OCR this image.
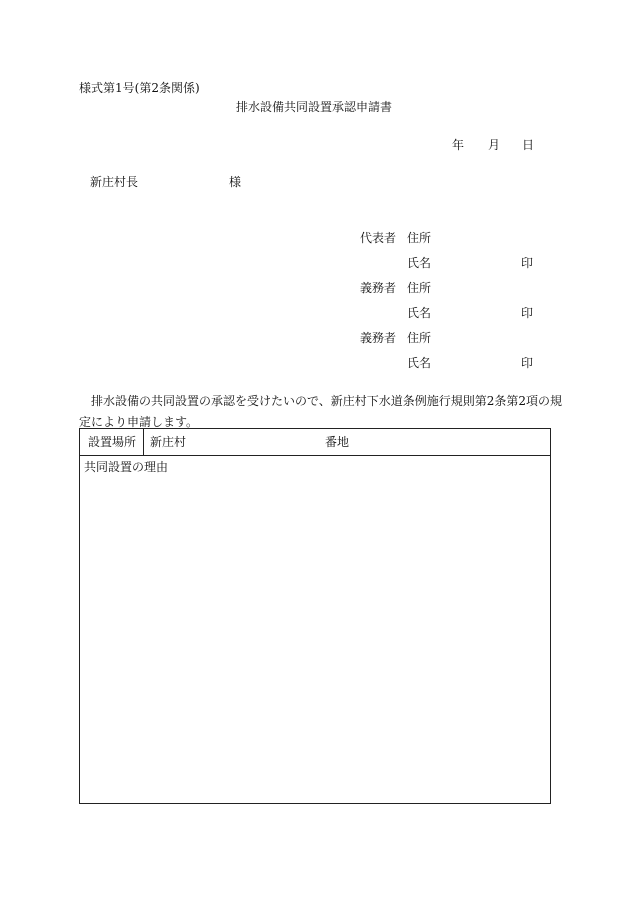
様式第1号(第2条関係)
排水設備共同設置承認申請書
年 月 日
新庄村長	様
代表者 住所
氏名	印
義務者 住所
氏名	印
義務者 住所
氏名	印
排水設備の共同設置の承認を受けたいので、新庄村下水道条例施行規則第2条第2項の規
定により申請します。
設置場所	新庄村	番地
共同設置の理由
